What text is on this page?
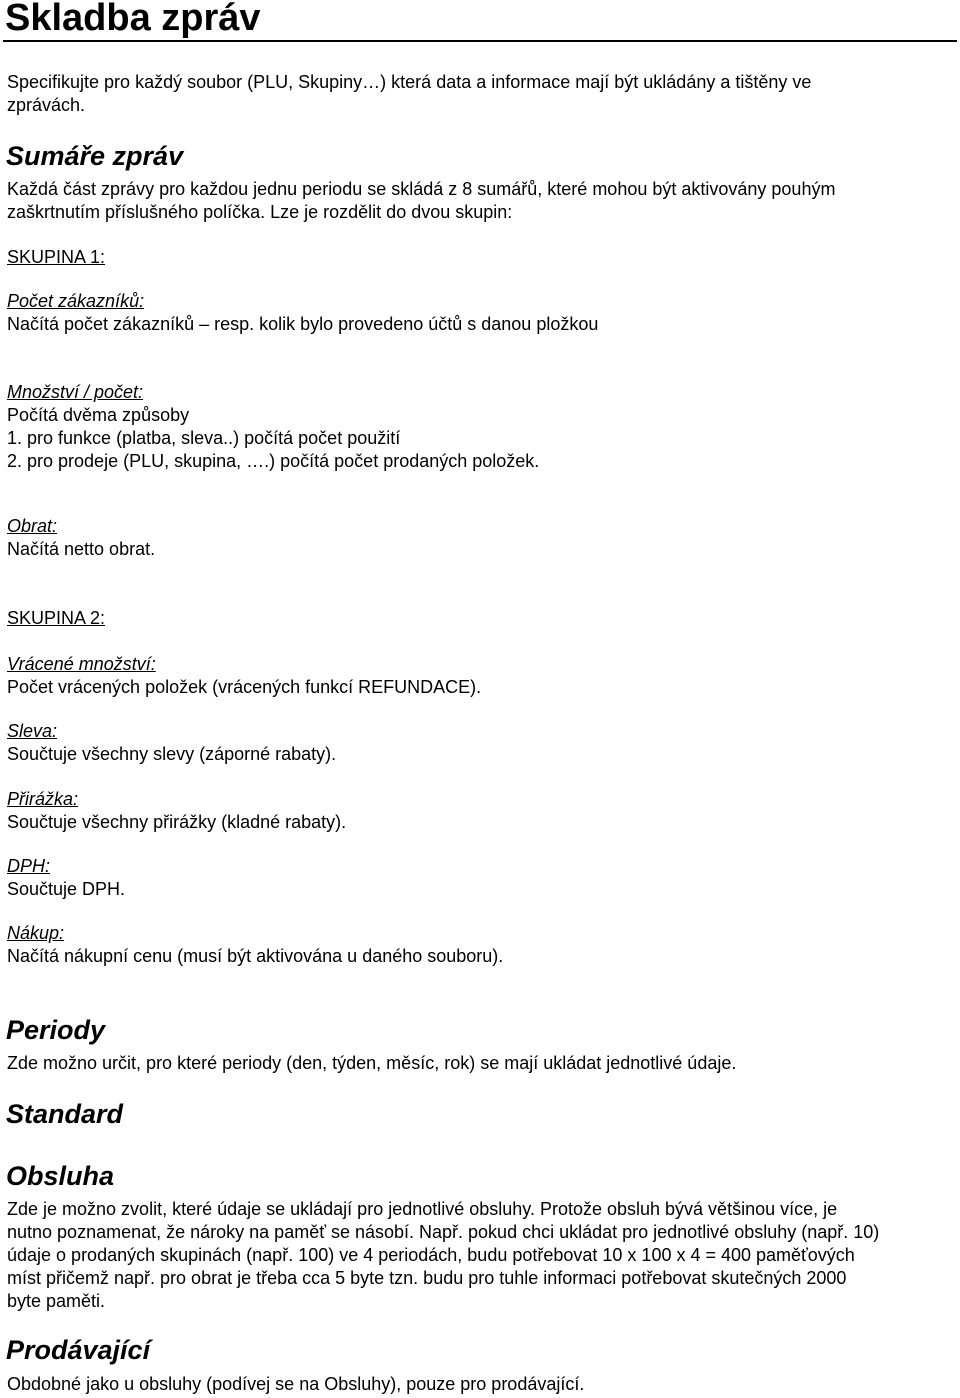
Skladba zpráv
Specifikujte pro každý soubor (PLU, Skupiny…) která data a informace mají být ukládány a tištěny ve
zprávách.
Sumáře zpráv
Každá část zprávy pro každou jednu periodu se skládá z 8 sumářů, které mohou být aktivovány pouhým
zaškrtnutím příslušného políčka. Lze je rozdělit do dvou skupin:
SKUPINA 1:
Počet zákazníků:
Načítá počet zákazníků – resp. kolik bylo provedeno účtů s danou pložkou
Množství / počet:
Počítá dvěma způsoby
1. pro funkce (platba, sleva..) počítá počet použití
2. pro prodeje (PLU, skupina, ….) počítá počet prodaných položek.
Obrat:
Načítá netto obrat.
SKUPINA 2:
Vrácené množství:
Počet vrácených položek (vrácených funkcí REFUNDACE).
Sleva:
Součtuje všechny slevy (záporné rabaty).
Přirážka:
Součtuje všechny přirážky (kladné rabaty).
DPH:
Součtuje DPH.
Nákup:
Načítá nákupní cenu (musí být aktivována u daného souboru).
Periody
Zde možno určit, pro které periody (den, týden, měsíc, rok) se mají ukládat jednotlivé údaje.
Standard
Obsluha
Zde je možno zvolit, které údaje se ukládají pro jednotlivé obsluhy. Protože obsluh bývá většinou více, je
nutno poznamenat, že nároky na paměť se násobí. Např. pokud chci ukládat pro jednotlivé obsluhy (např. 10)
údaje o prodaných skupinách (např. 100) ve 4 periodách, budu potřebovat 10 x 100 x 4 = 400 paměťových
míst přičemž např. pro obrat je třeba cca 5 byte tzn. budu pro tuhle informaci potřebovat skutečných 2000
byte paměti.
Prodávající
Obdobné jako u obsluhy (podívej se na Obsluhy), pouze pro prodávající.
